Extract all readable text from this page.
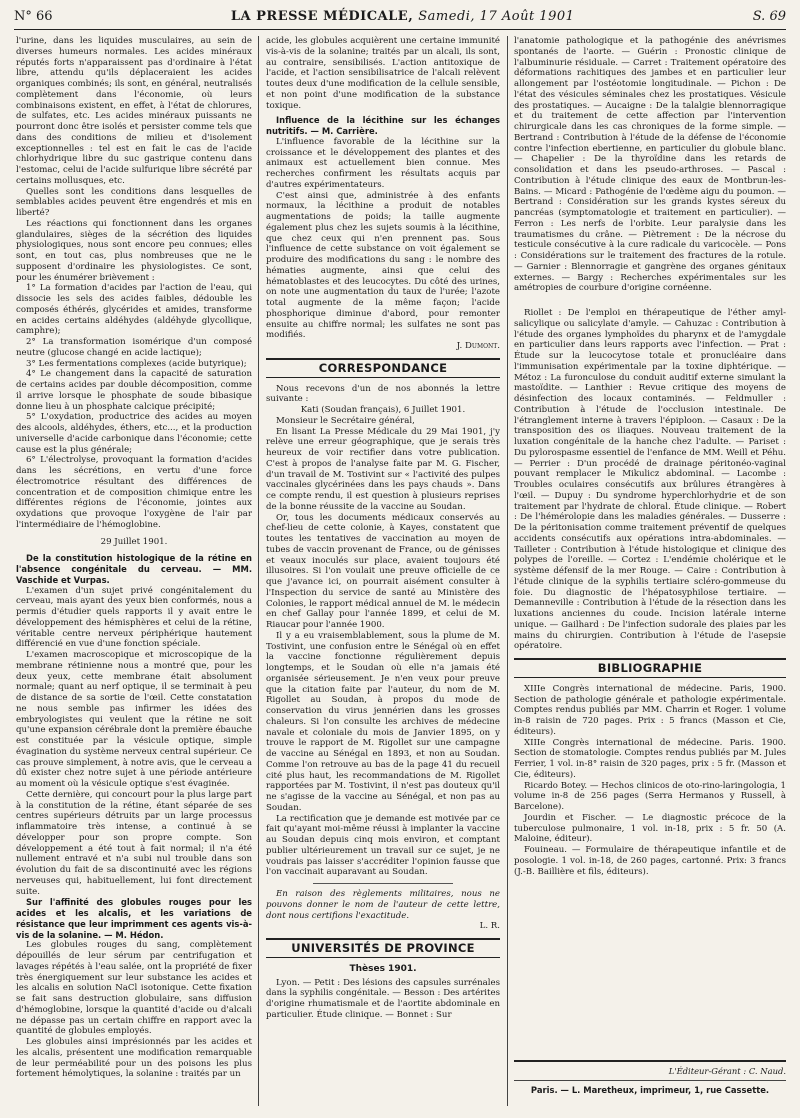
N° 66	LA PRESSE MÉDICALE, Samedi, 17 Août 1901	S. 69

l'urine, dans les liquides musculaires, au sein de diverses humeurs normales. Les acides minéraux réputés forts n'apparaissent pas d'ordinaire à l'état libre, attendu qu'ils déplaceraient les acides organiques combinés; ils sont, en général, neutralisés complètement dans l'économie, où leurs combinaisons existent, en effet, à l'état de chlorures, de sulfates, etc. Les acides minéraux puissants ne pourront donc être isolés et persister comme tels que dans des conditions de milieu et d'isolement exceptionnelles : tel est en fait le cas de l'acide chlorhydrique libre du suc gastrique contenu dans l'estomac, celui de l'acide sulfurique libre sécrété par certains mollusques, etc.

Quelles sont les conditions dans lesquelles de semblables acides peuvent être engendrés et mis en liberté?

Les réactions qui fonctionnent dans les organes glandulaires, sièges de la sécrétion des liquides physiologiques, nous sont encore peu connues; elles sont, en tout cas, plus nombreuses que ne le supposent d'ordinaire les physiologistes. Ce sont, pour les énumérer brièvement :

1° La formation d'acides par l'action de l'eau, qui dissocie les sels des acides faibles, dédouble les composés éthérés, glycérides et amides, transforme en acides certains aldéhydes (aldéhyde glycollique, camphre);

2° La transformation isomérique d'un composé neutre (glucose changé en acide lactique);

3° Les fermentations complexes (acide butyrique);

4° Le changement dans la capacité de saturation de certains acides par double décomposition, comme il arrive lorsque le phosphate de soude bibasique donne lieu à un phosphate calcique précipité;

5° L'oxydation, productrice des acides au moyen des alcools, aldéhydes, éthers, etc..., et la production universelle d'acide carbonique dans l'économie; cette cause est la plus générale;

6° L'électrolyse, provoquant la formation d'acides dans les sécrétions, en vertu d'une force électromotrice résultant des différences de concentration et de composition chimique entre les différentes régions de l'économie, jointes aux oxydations que provoque l'oxygène de l'air par l'intermédiaire de l'hémoglobine.

29 Juillet 1901.

De la constitution histologique de la rétine en l'absence congénitale du cerveau. — MM. Vaschide et Vurpas.

L'examen d'un sujet privé congénitalement du cerveau, mais ayant des yeux bien conformés, nous a permis d'étudier quels rapports il y avait entre le développement des hémisphères et celui de la rétine, véritable centre nerveux périphérique hautement différencié en vue d'une fonction spéciale.

L'examen macroscopique et microscopique de la membrane rétinienne nous a montré que, pour les deux yeux, cette membrane était absolument normale; quant au nerf optique, il se terminait à peu de distance de sa sortie de l'œil. Cette constatation ne nous semble pas infirmer les idées des embryologistes qui veulent que la rétine ne soit qu'une expansion cérébrale dont la première ébauche est constituée par la vésicule optique, simple évagination du système nerveux central supérieur. Ce cas prouve simplement, à notre avis, que le cerveau a dû exister chez notre sujet à une période antérieure au moment où la vésicule optique s'est évaginée.

Cette dernière, qui concourt pour la plus large part à la constitution de la rétine, étant séparée de ses centres supérieurs détruits par un large processus inflammatoire très intense, a continué à se développer pour son propre compte. Son développement a été tout à fait normal; il n'a été nullement entravé et n'a subi nul trouble dans son évolution du fait de sa discontinuité avec les régions nerveuses qui, habituellement, lui font directement suite.

Sur l'affinité des globules rouges pour les acides et les alcalis, et les variations de résistance que leur imprimment ces agents vis-à-vis de la solanine. — M. Hédon.

Les globules rouges du sang, complètement dépouillés de leur sérum par centrifugation et lavages répétés à l'eau salée, ont la propriété de fixer très énergiquement sur leur substance les acides et les alcalis en solution NaCl isotonique. Cette fixation se fait sans destruction globulaire, sans diffusion d'hémoglobine, lorsque la quantité d'acide ou d'alcali ne dépasse pas un certain chiffre en rapport avec la quantité de globules employés.

Les globules ainsi imprésionnés par les acides et les alcalis, présentent une modification remarquable de leur perméabilité pour un des poisons les plus fortement hémolytiques, la solanine : traités par un

acide, les globules acquièrent une certaine immunité vis-à-vis de la solanine; traités par un alcali, ils sont, au contraire, sensibilisés. L'action antitoxique de l'acide, et l'action sensibilisatrice de l'alcali relèvent toutes deux d'une modification de la cellule sensible, et non point d'une modification de la substance toxique.

Influence de la lécithine sur les échanges nutritifs. — M. Carrière.

L'influence favorable de la lécithine sur la croissance et le développement des plantes et des animaux est actuellement bien connue. Mes recherches confirment les résultats acquis par d'autres expérimentateurs.

C'est ainsi que, administrée à des enfants normaux, la lécithine a produit de notables augmentations de poids; la taille augmente également plus chez les sujets soumis à la lécithine, que chez ceux qui n'en prennent pas. Sous l'influence de cette substance on voit également se produire des modifications du sang : le nombre des hématies augmente, ainsi que celui des hématoblastes et des leucocytes. Du côté des urines, on note une augmentation du taux de l'urée; l'azote total augmente de la même façon; l'acide phosphorique diminue d'abord, pour remonter ensuite au chiffre normal; les sulfates ne sont pas modifiés.

J. Dumont.

CORRESPONDANCE

Nous recevons d'un de nos abonnés la lettre suivante :

Kati (Soudan français), 6 Juillet 1901.

Monsieur le Secrétaire général,

En lisant La Presse Médicale du 29 Mai 1901, j'y relève une erreur géographique, que je serais très heureux de voir rectifier dans votre publication. C'est à propos de l'analyse faite par M. G. Fischer, d'un travail de M. Tostivint sur « l'activité des pulpes vaccinales glycérinées dans les pays chauds ». Dans ce compte rendu, il est question à plusieurs reprises de la bonne réussite de la vaccine au Soudan.

Or, tous les documents médicaux conservés au chef-lieu de cette colonie, à Kayes, constatent que toutes les tentatives de vaccination au moyen de tubes de vaccin provenant de France, ou de génisses et veaux inoculés sur place, avaient toujours été illusoires. Si l'on voulait une preuve officielle de ce que j'avance ici, on pourrait aisément consulter à l'Inspection du service de santé au Ministère des Colonies, le rapport médical annuel de M. le médecin en chef Gallay pour l'année 1899, et celui de M. Riaucar pour l'année 1900.

Il y a eu vraisemblablement, sous la plume de M. Tostivint, une confusion entre le Sénégal où en effet la vaccine fonctionne régulièrement depuis longtemps, et le Soudan où elle n'a jamais été organisée sérieusement. Je n'en veux pour preuve que la citation faite par l'auteur, du nom de M. Rigollet au Soudan, à propos du mode de conservation du virus jennérien dans les grosses chaleurs. Si l'on consulte les archives de médecine navale et coloniale du mois de Janvier 1895, on y trouve le rapport de M. Rigollet sur une campagne de vaccine au Sénégal en 1893, et non au Soudan. Comme l'on retrouve au bas de la page 41 du recueil cité plus haut, les recommandations de M. Rigollet rapportées par M. Tostivint, il n'est pas douteux qu'il ne s'agisse de la vaccine au Sénégal, et non pas au Soudan.

La rectification que je demande est motivée par ce fait qu'ayant moi-même réussi à implanter la vaccine au Soudan depuis cinq mois environ, et comptant publier ultérieurement un travail sur ce sujet, je ne voudrais pas laisser s'accréditer l'opinion fausse que l'on vaccinait auparavant au Soudan.

En raison des règlements militaires, nous ne pouvons donner le nom de l'auteur de cette lettre, dont nous certifions l'exactitude.

L. R.

UNIVERSITÉS DE PROVINCE
Thèses 1901.

Lyon. — Petit : Des lésions des capsules surrénales dans la syphilis congénitale. — Besson : Des artérites d'origine rhumatismale et de l'aortite abdominale en particulier. Étude clinique. — Bonnet : Sur

l'anatomie pathologique et la pathogénie des anévrismes spontanés de l'aorte. — Guérin : Pronostic clinique de l'albuminurie résiduale. — Carret : Traitement opératoire des déformations rachitiques des jambes et en particulier leur allongement par l'ostéotomie longitudinale. — Pichon : De l'état des vésicules séminales chez les prostatiques. Vésicule des prostatiques. — Aucaigne : De la talalgie blennorragique et du traitement de cette affection par l'intervention chirurgicale dans les cas chroniques de la forme simple. — Bertrand : Contribution à l'étude de la défense de l'économie contre l'infection ebertienne, en particulier du globule blanc. — Chapelier : De la thyroïdine dans les retards de consolidation et dans les pseudo-arthroses. — Pascal : Contribution à l'étude clinique des eaux de Montbrun-les-Bains. — Micard : Pathogénie de l'œdème aigu du poumon. — Bertrand : Considération sur les grands kystes séreux du pancréas (symptomatologie et traitement en particulier). — Ferron : Les nerfs de l'orbite. Leur paralysie dans les traumatismes du crâne. — Piètrement : De la nécrose du testicule consécutive à la cure radicale du varicocèle. — Pons : Considérations sur le traitement des fractures de la rotule. — Garnier : Blennorragie et gangrène des organes génitaux externes. — Bargy : Recherches expérimentales sur les amétropies de courbure d'origine cornéenne.

Riollet : De l'emploi en thérapeutique de l'éther amyl-salicylique ou salicylate d'amyle. — Cahuzac : Contribution à l'étude des organes lymphoïdes du pharynx et de l'amygdale en particulier dans leurs rapports avec l'infection. — Prat : Étude sur la leucocytose totale et pronucléaire dans l'immunisation expérimentale par la toxine diphtérique. — Métoz : La furonculose du conduit auditif externe simulant la mastoïdite. — Lanthier : Revue critique des moyens de désinfection des locaux contaminés. — Feldmuller : Contribution à l'étude de l'occlusion intestinale. De l'étranglement interne à travers l'épiploon. — Casaux : De la transposition des os iliaques. Nouveau traitement de la luxation congénitale de la hanche chez l'adulte. — Pariset : Du pylorospasme essentiel de l'enfance de MM. Weill et Péhu. — Perrier : D'un procédé de drainage péritonéo-vaginal pouvant remplacer le Mikulicz abdominal. — Lacombe : Troubles oculaires consécutifs aux brûlures étrangères à l'œil. — Dupuy : Du syndrome hyperchlorhydrie et de son traitement par l'hydrate de chloral. Étude clinique. — Robert : De l'hémérolopie dans les maladies générales. — Dusserre : De la péritonisation comme traitement préventif de quelques accidents consécutifs aux opérations intra-abdominales. — Tailleter : Contribution à l'étude histologique et clinique des polypes de l'oreille. — Cortez : L'endémie cholérique et le système défensif de la mer Rouge. — Caire : Contribution à l'étude clinique de la syphilis tertiaire scléro-gommeuse du foie. Du diagnostic de l'hépatosyphilose tertiaire. — Demanneville : Contribution à l'étude de la résection dans les luxations anciennes du coude. Incision latérale interne unique. — Gailhard : De l'infection sudorale des plaies par les mains du chirurgien. Contribution à l'étude de l'asepsie opératoire.

BIBLIOGRAPHIE

XIIIe Congrès international de médecine. Paris, 1900. Section de pathologie générale et pathologie expérimentale. Comptes rendus publiés par MM. Charrin et Roger. 1 volume in-8 raisin de 720 pages. Prix : 5 francs (Masson et Cie, éditeurs).

XIIIe Congrès international de médecine. Paris. 1900. Section de stomatologie. Comptes rendus publiés par M. Jules Ferrier, 1 vol. in-8° raisin de 320 pages, prix : 5 fr. (Masson et Cie, éditeurs).

Ricardo Botey. — Hechos clinicos de oto-rino-laringologia, 1 volume in-8 de 256 pages (Serra Hermanos y Russell, à Barcelone).

Jourdin et Fischer. — Le diagnostic précoce de la tuberculose pulmonaire, 1 vol. in-18, prix : 5 fr. 50 (A. Maloine, éditeur).

Fouineau. — Formulaire de thérapeutique infantile et de posologie. 1 vol. in-18, de 260 pages, cartonné. Prix: 3 francs (J.-B. Baillière et fils, éditeurs).

L'Éditeur-Gérant : C. Naud.
Paris. — L. Maretheux, imprimeur, 1, rue Cassette.
